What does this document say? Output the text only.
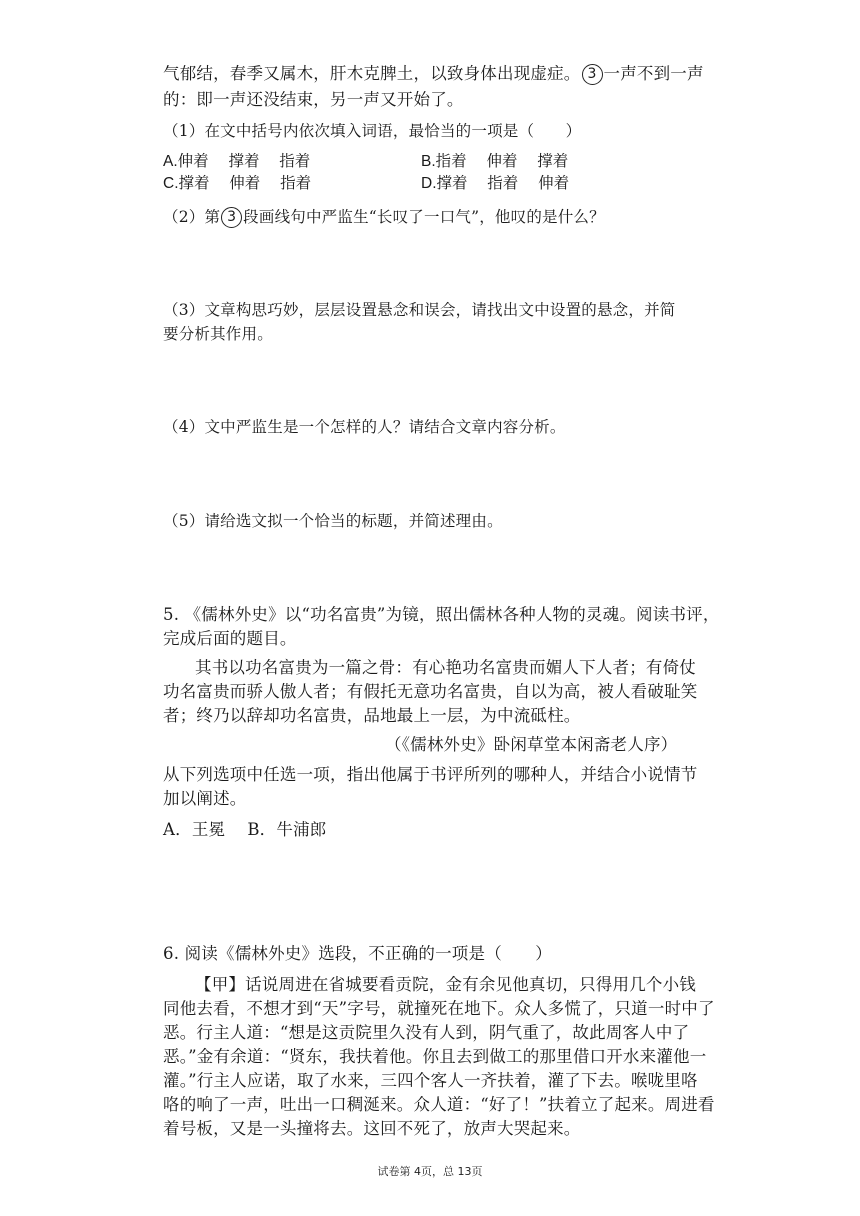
气郁结，春季又属木，肝木克脾土，以致身体出现虚症。 3 一声不到一声
的：即一声还没结束，另一声又开始了。
（1）在文中括号内依次填入词语，最恰当的一项是（　　）
A.伸着　 撑着　 指着	B.指着　 伸着　 撑着
C.撑着　 伸着　 指着	D.撑着　 指着　 伸着
（2）第 3 段画线句中严监生“长叹了一口气”，他叹的是什么？
（3）文章构思巧妙，层层设置悬念和误会，请找出文中设置的悬念，并简
要分析其作用。
（4）文中严监生是一个怎样的人？请结合文章内容分析。
（5）请给选文拟一个恰当的标题，并简述理由。
5. 《儒林外史》以“功名富贵”为镜，照出儒林各种人物的灵魂。阅读书评，
完成后面的题目。
其书以功名富贵为一篇之骨：有心艳功名富贵而媚人下人者；有倚仗
功名富贵而骄人傲人者；有假托无意功名富贵，自以为高，被人看破耻笑
者；终乃以辞却功名富贵，品地最上一层，为中流砥柱。
（《儒林外史》卧闲草堂本闲斋老人序）
从下列选项中任选一项，指出他属于书评所列的哪种人，并结合小说情节
加以阐述。
A．王冕　 B．牛浦郎
6. 阅读《儒林外史》选段，不正确的一项是（　　）
【甲】话说周进在省城要看贡院，金有余见他真切，只得用几个小钱
同他去看，不想才到“天”字号，就撞死在地下。众人多慌了，只道一时中了
恶。行主人道：“想是这贡院里久没有人到，阴气重了，故此周客人中了
恶。”金有余道：“贤东，我扶着他。你且去到做工的那里借口开水来灌他一
灌。”行主人应诺，取了水来，三四个客人一齐扶着，灌了下去。喉咙里咯
咯的响了一声，吐出一口稠涎来。众人道：“好了！”扶着立了起来。周进看
着号板，又是一头撞将去。这回不死了，放声大哭起来。
试卷第 4页，总 13页
